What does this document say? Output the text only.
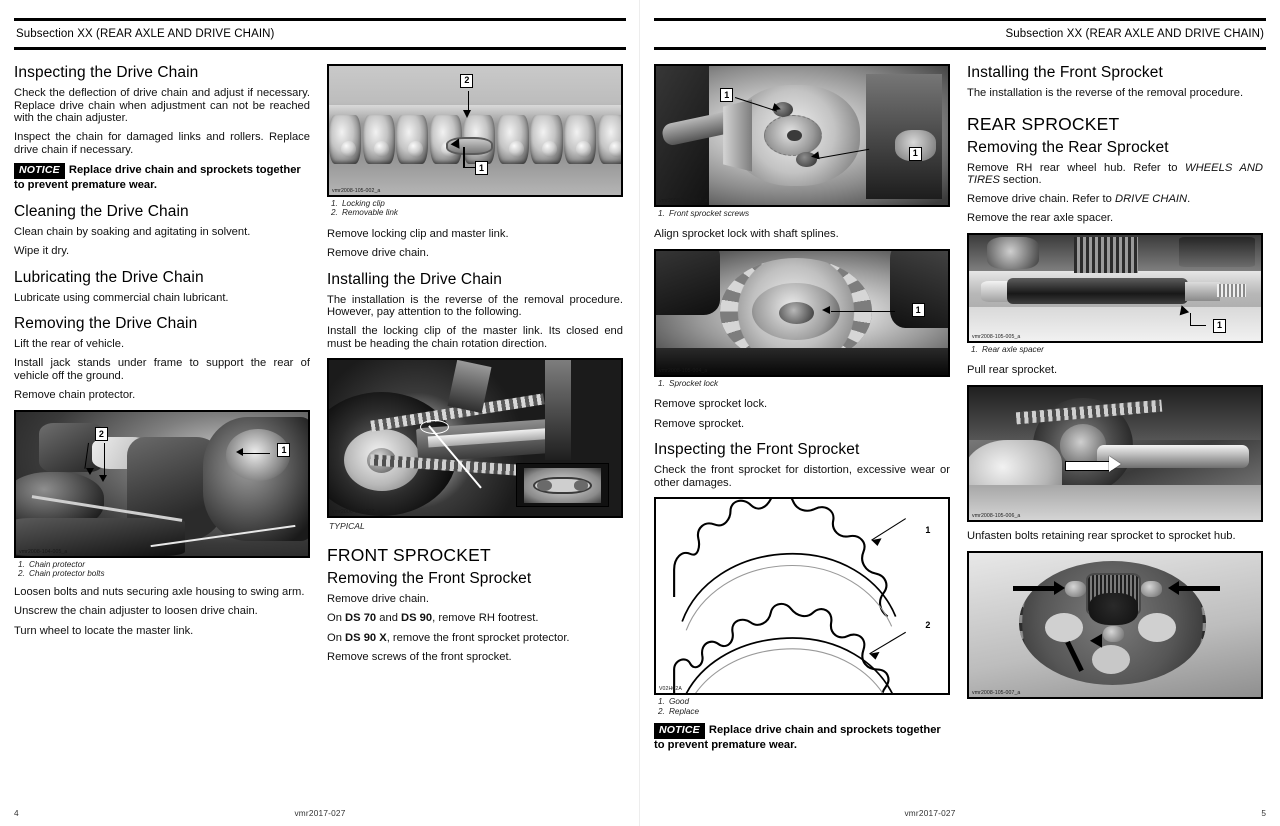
Subsection XX (REAR AXLE AND DRIVE CHAIN)
Inspecting the Drive Chain

Check the deflection of drive chain and adjust if necessary. Replace drive chain when adjustment can not be reached with the chain adjuster.

Inspect the chain for damaged links and rollers. Replace drive chain if necessary.

NOTICE Replace drive chain and sprockets together to prevent premature wear.
Cleaning the Drive Chain

Clean chain by soaking and agitating in solvent.

Wipe it dry.

Lubricating the Drive Chain

Lubricate using commercial chain lubricant.

Removing the Drive Chain

Lift the rear of vehicle.

Install jack stands under frame to support the rear of vehicle off the ground.

Remove chain protector.

1
2
vmr2008-104-005_a
1. Chain protector
2. Chain protector bolts

Loosen bolts and nuts securing axle housing to swing arm.

Unscrew the chain adjuster to loosen drive chain.

Turn wheel to locate the master link.

2
1
vmr2008-105-002_a
1. Locking clip
2. Removable link

Remove locking clip and master link.

Remove drive chain.

Installing the Drive Chain

The installation is the reverse of the removal procedure. However, pay attention to the following.

Install the locking clip of the master link. Its closed end must be heading the chain rotation direction.

vmr2006-064-007_a
TYPICAL
FRONT SPROCKET
Removing the Front Sprocket

Remove drive chain.

On DS 70 and DS 90, remove RH footrest.

On DS 90 X, remove the front sprocket protector.

Remove screws of the front sprocket.

4	vmr2017-027
Subsection XX (REAR AXLE AND DRIVE CHAIN)
1
1
vmr2008-105-003_a
1. Front sprocket screws

Align sprocket lock with shaft splines.

1
vmr2008-105-004_a
1. Sprocket lock

Remove sprocket lock.

Remove sprocket.

Inspecting the Front Sprocket

Check the front sprocket for distortion, excessive wear or other damages.

1
2
V02H02A
1. Good
2. Replace
NOTICE Replace drive chain and sprockets together to prevent premature wear.
Installing the Front Sprocket

The installation is the reverse of the removal procedure.

REAR SPROCKET
Removing the Rear Sprocket

Remove RH rear wheel hub. Refer to WHEELS AND TIRES section.

Remove drive chain. Refer to DRIVE CHAIN.

Remove the rear axle spacer.

1
vmr2008-105-005_a
1. Rear axle spacer

Pull rear sprocket.

vmr2008-105-006_a

Unfasten bolts retaining rear sprocket to sprocket hub.

vmr2008-105-007_a
5
vmr2017-027
